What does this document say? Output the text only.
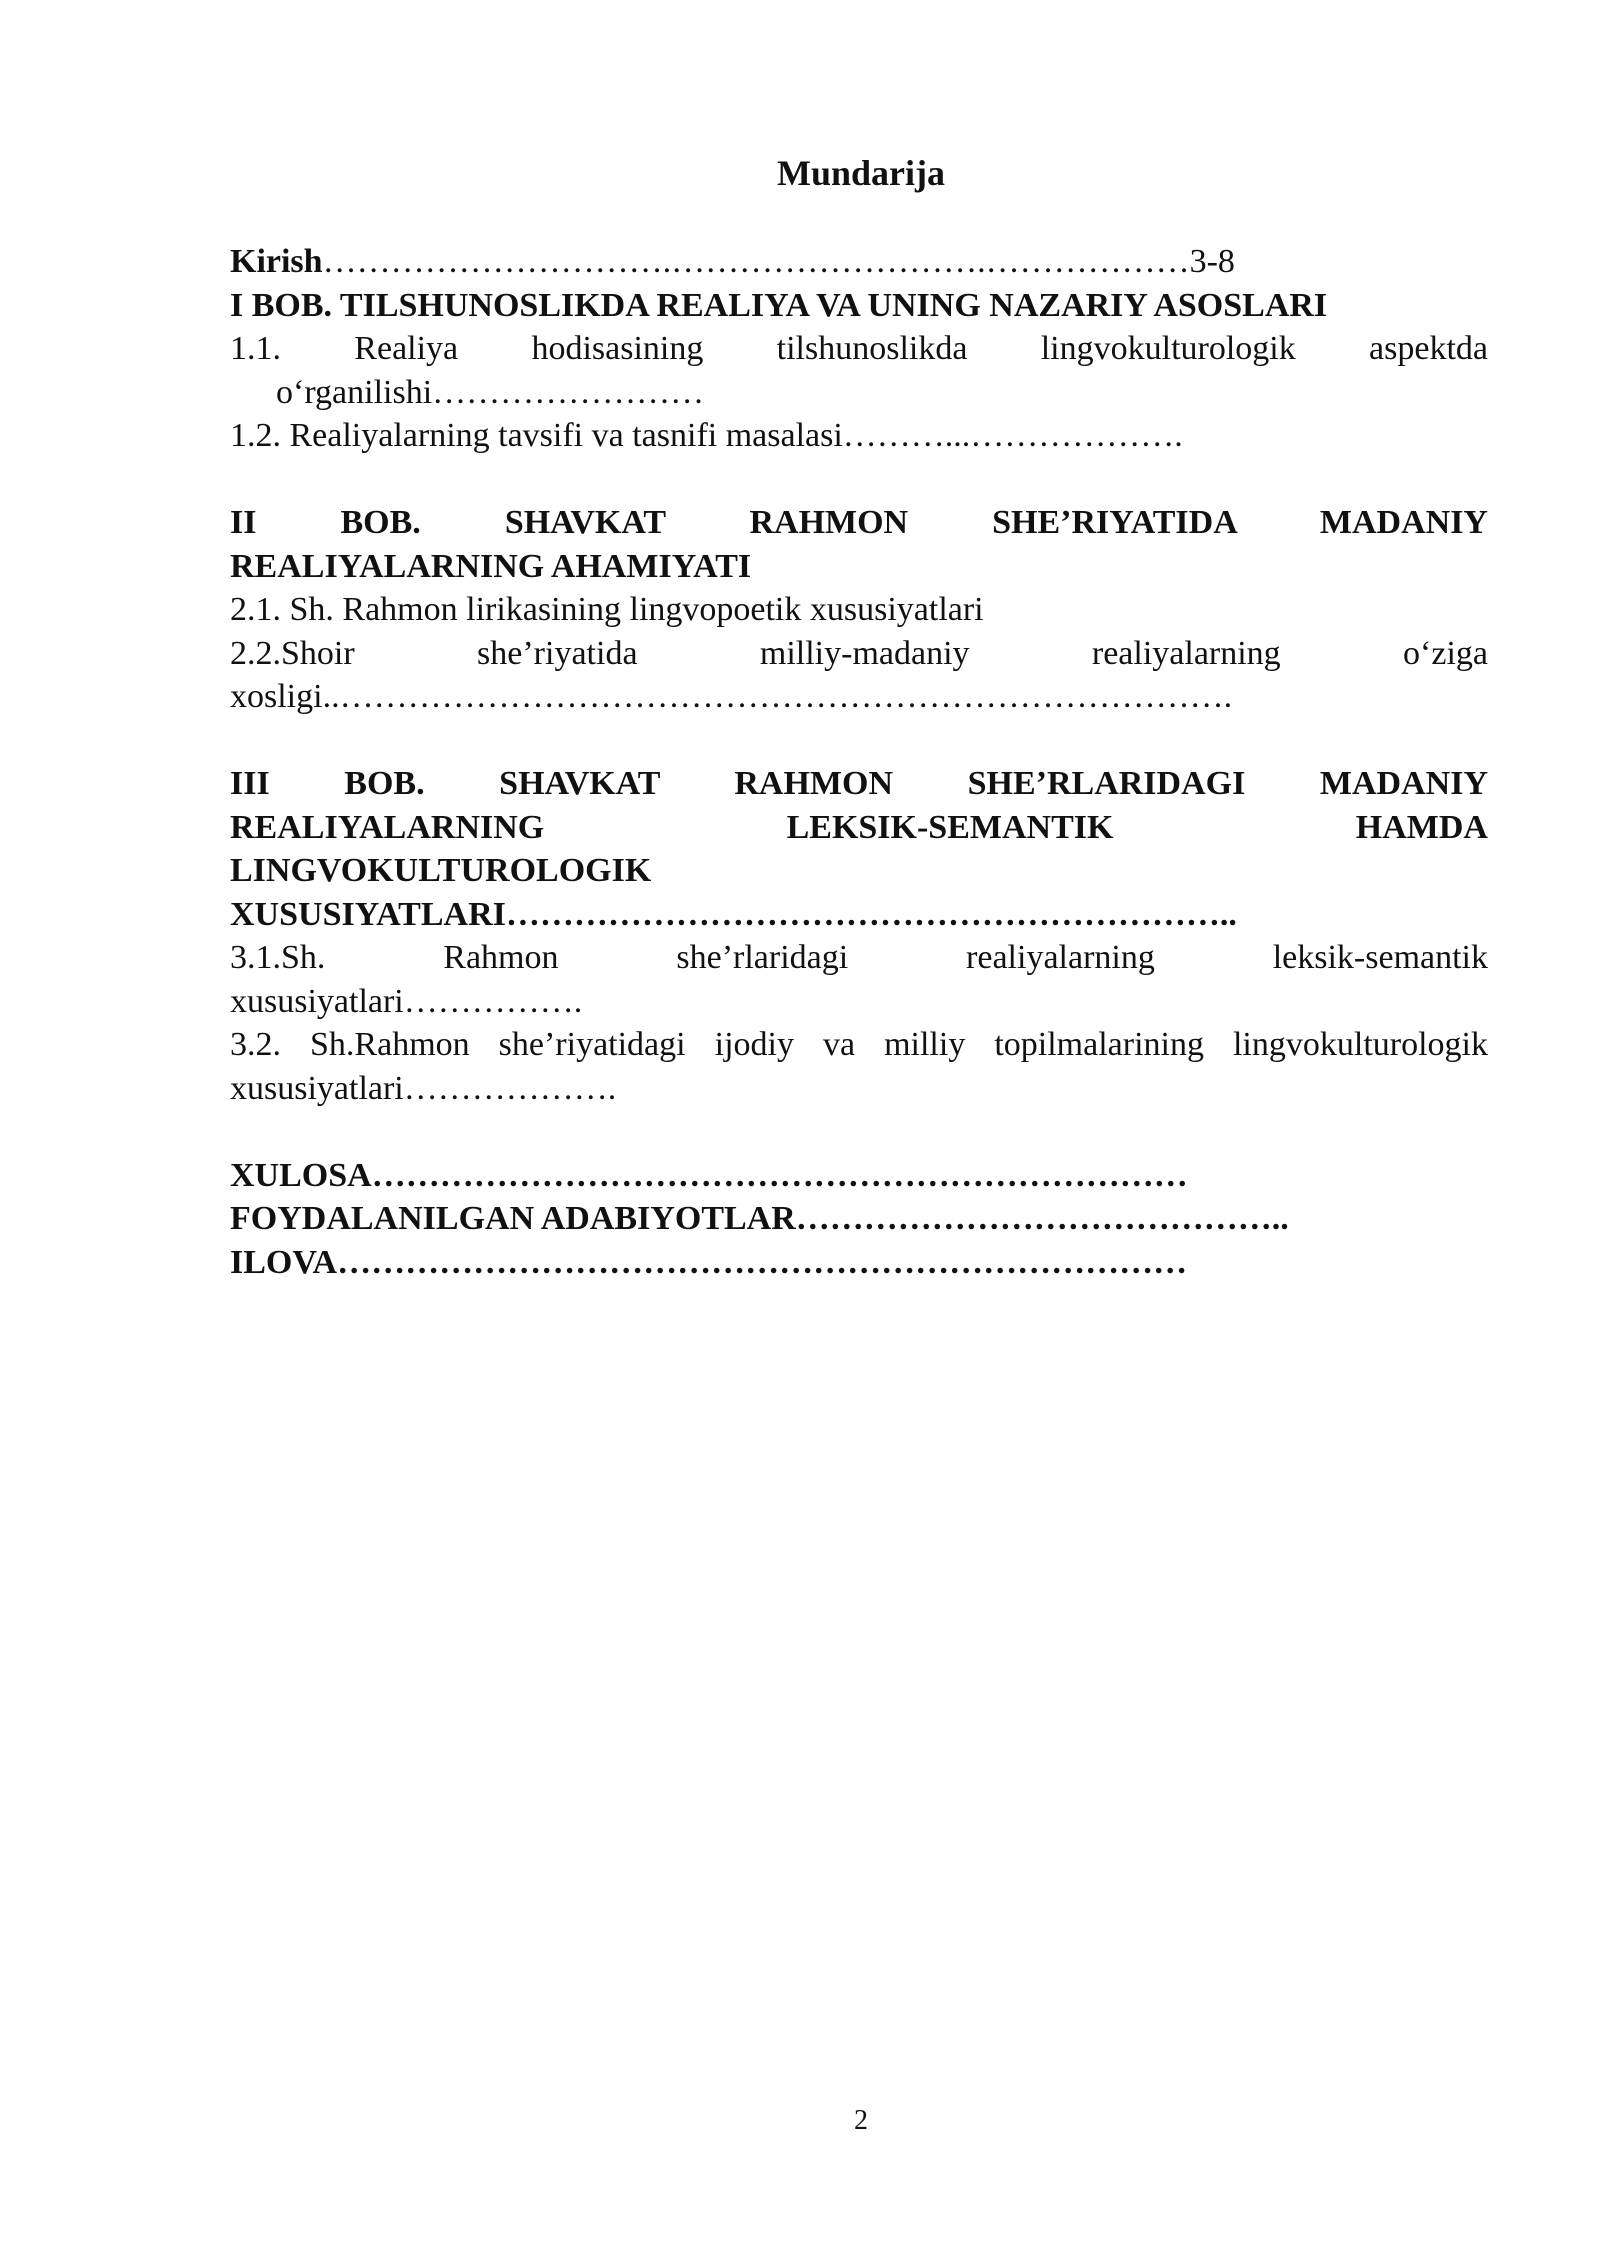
Mundarija
Kirish………………………….……………………….………………3-8
I BOB. TILSHUNOSLIKDA REALIYA VA UNING NAZARIY ASOSLARI
1.1. Realiya hodisasining tilshunoslikda lingvokulturologik aspektda
o‘rganilishi……………………
1.2. Realiyalarning tavsifi va tasnifi masalasi………...……………….
II BOB. SHAVKAT RAHMON SHE’RIYATIDA MADANIY
REALIYALARNING AHAMIYATI
2.1. Sh. Rahmon lirikasining lingvopoetik xususiyatlari
2.2.Shoir she’riyatida milliy-madaniy realiyalarning o‘ziga
xosligi..…………………………………………………………………….
III BOB. SHAVKAT RAHMON SHE’RLARIDAGI MADANIY
REALIYALARNING LEKSIK-SEMANTIK HAMDA
LINGVOKULTUROLOGIK
XUSUSIYATLARI………………………………………………………..
3.1.Sh. Rahmon she’rlaridagi realiyalarning leksik-semantik
xususiyatlari…………….
3.2. Sh.Rahmon she’riyatidagi ijodiy va milliy topilmalarining lingvokulturologik
xususiyatlari……………….
XULOSA………………………………………………………………
FOYDALANILGAN ADABIYOTLAR……………………………………..
ILOVA…………………………………………………………………
2
